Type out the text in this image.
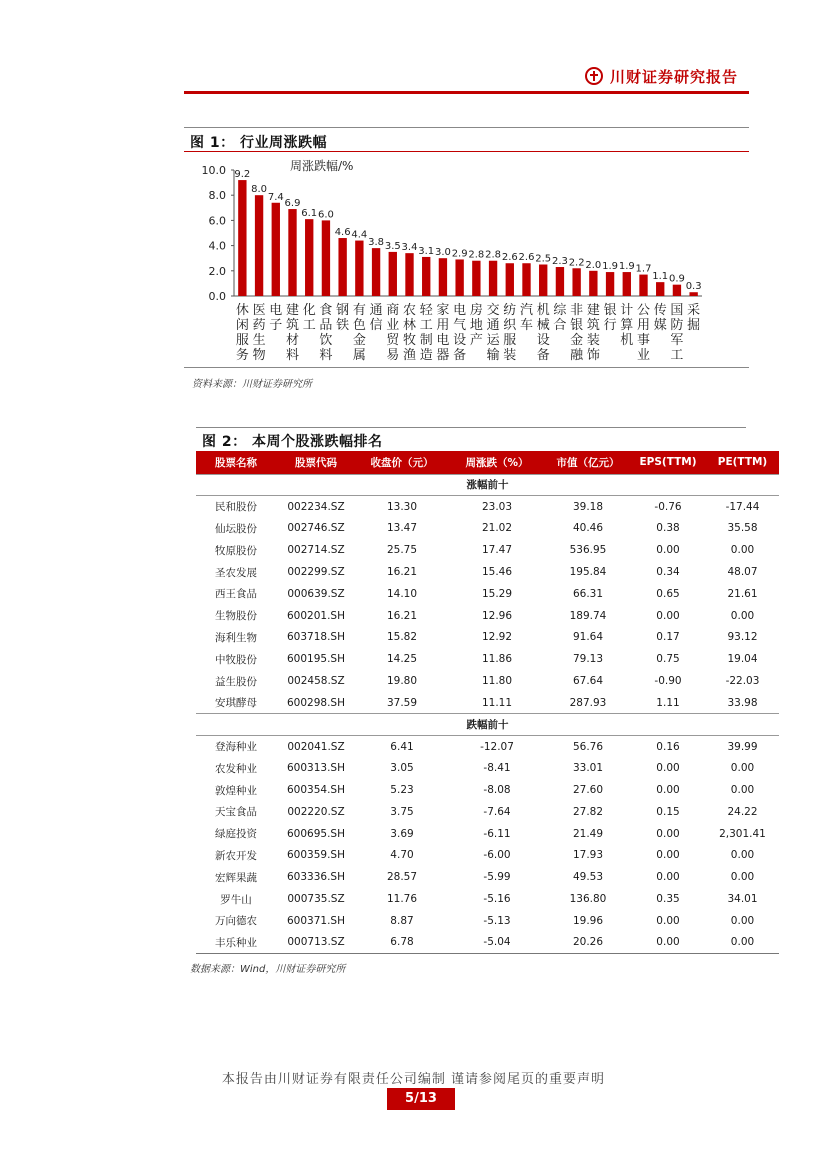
川财证券研究报告
图 1： 行业周涨跌幅
0.0
2.0
4.0
6.0
8.0
10.0 9.2
8.0
7.4
6.9
6.1 6.0
4.6 4.4
3.8 3.5 3.4 3.1 3.0 2.9 2.8 2.8 2.6 2.6 2.5 2.3 2.2 2.0 1.9 1.9 1.7
1.1 0.9
0.3
休
闲
服
务
医
药
生
物
电
子
建
筑
材
料
化
工
食
品
饮
料
钢
铁
有
色
金
属
通
信
商
业
贸
易
农
林
牧
渔
轻
工
制
造
家
用
电
器
电
气
设
备
房
地
产
交
通
运
输
纺
织
服
装
汽
车
机
械
设
备
综
合
非
银
金
融
建
筑
装
饰
银
行
计
算
机
公
用
事
业
传
媒
国
防
军
工
采
掘
周涨跌幅/%
资料来源：川财证券研究所
图 2： 本周个股涨跌幅排名
股票名称	股票代码	收盘价（元）	周涨跌（%）	市值（亿元）	EPS(TTM)	PE(TTM)
涨幅前十						
民和股份	002234.SZ	13.30	23.03	39.18	-0.76	-17.44
仙坛股份	002746.SZ	13.47	21.02	40.46	0.38	35.58
牧原股份	002714.SZ	25.75	17.47	536.95	0.00	0.00
圣农发展	002299.SZ	16.21	15.46	195.84	0.34	48.07
西王食品	000639.SZ	14.10	15.29	66.31	0.65	21.61
生物股份	600201.SH	16.21	12.96	189.74	0.00	0.00
海利生物	603718.SH	15.82	12.92	91.64	0.17	93.12
中牧股份	600195.SH	14.25	11.86	79.13	0.75	19.04
益生股份	002458.SZ	19.80	11.80	67.64	-0.90	-22.03
安琪酵母	600298.SH	37.59	11.11	287.93	1.11	33.98
跌幅前十						
登海种业	002041.SZ	6.41	-12.07	56.76	0.16	39.99
农发种业	600313.SH	3.05	-8.41	33.01	0.00	0.00
敦煌种业	600354.SH	5.23	-8.08	27.60	0.00	0.00
天宝食品	002220.SZ	3.75	-7.64	27.82	0.15	24.22
绿庭投资	600695.SH	3.69	-6.11	21.49	0.00	2,301.41
新农开发	600359.SH	4.70	-6.00	17.93	0.00	0.00
宏辉果蔬	603336.SH	28.57	-5.99	49.53	0.00	0.00
罗牛山	000735.SZ	11.76	-5.16	136.80	0.35	34.01
万向德农	600371.SH	8.87	-5.13	19.96	0.00	0.00
丰乐种业	000713.SZ	6.78	-5.04	20.26	0.00	0.00
数据来源：Wind，川财证券研究所
本报告由川财证券有限责任公司编制 谨请参阅尾页的重要声明
5/13
